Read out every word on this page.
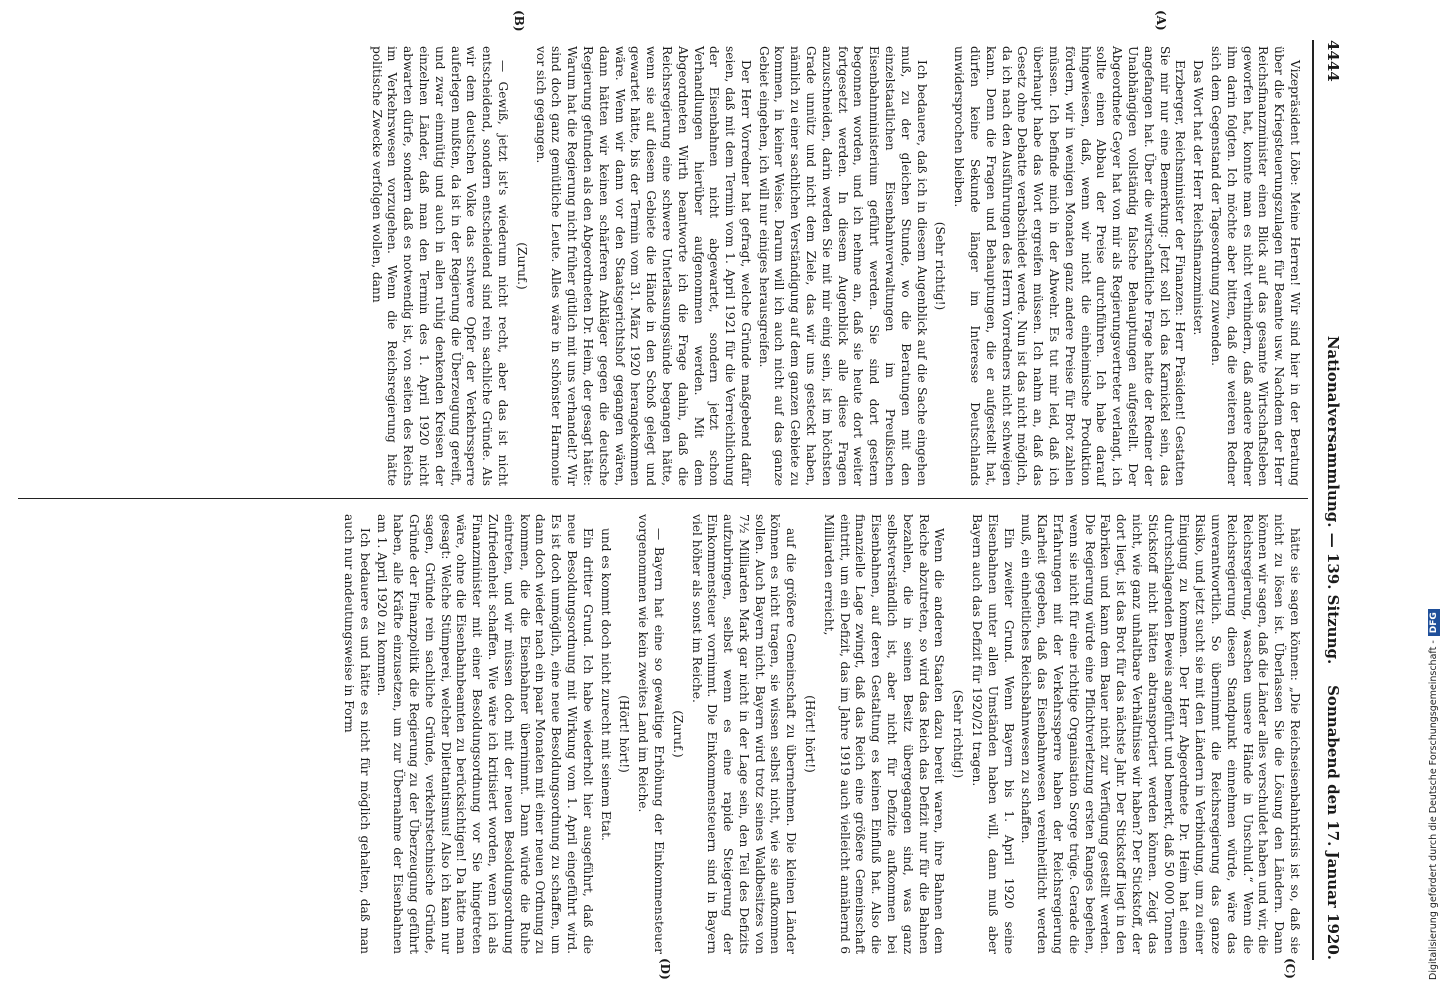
4444
Nationalversammlung. — 139. Sitzung.
Sonnabend den 17. Januar 1920.
(A)
(B)
(C)
(D)

Vizepräsident Löbe: Meine Herren! Wir sind hier in der Beratung über die Kriegsteuerungszulagen für Beamte usw. Nachdem der Herr Reichsfinanzminister einen Blick auf das gesamte Wirtschaftsleben geworfen hat, konnte man es nicht verhindern, daß andere Redner ihm darin folgten. Ich möchte aber bitten, daß die weiteren Redner sich dem Gegenstand der Tagesordnung zuwenden.

Das Wort hat der Herr Reichsfinanzminister.

Erzberger, Reichsminister der Finanzen: Herr Präsident! Gestatten Sie mir nur eine Bemerkung: Jetzt soll ich das Karnickel sein, das angefangen hat. Über die wirtschaftliche Frage hatte der Redner der Unabhängigen vollständig falsche Behauptungen aufgestellt. Der Abgeordnete Geyer hat von mir als Regierungsvertreter verlangt, ich sollte einen Abbau der Preise durchführen. Ich habe darauf hingewiesen, daß, wenn wir nicht die einheimische Produktion fördern, wir in wenigen Monaten ganz andere Preise für Brot zahlen müssen. Ich befinde mich in der Abwehr. Es tut mir leid, daß ich überhaupt habe das Wort ergreifen müssen. Ich nahm an, daß das Gesetz ohne Debatte verabschiedet werde. Nun ist das nicht möglich, da ich nach den Ausführungen des Herrn Vorredners nicht schweigen kann. Denn die Fragen und Behauptungen, die er aufgestellt hat, dürfen keine Sekunde länger im Interesse Deutschlands unwidersprochen bleiben.

(Sehr richtig!)

Ich bedauere, daß ich in diesem Augenblick auf die Sache eingehen muß, zu der gleichen Stunde, wo die Beratungen mit den einzelstaatlichen Eisenbahnverwaltungen im Preußischen Eisenbahnministerium geführt werden. Sie sind dort gestern begonnen worden, und ich nehme an, daß sie heute dort weiter fortgesetzt werden. In diesem Augenblick alle diese Fragen anzuschneiden, darin werden Sie mit mir einig sein, ist im höchsten Grade unnütz und nicht dem Ziele, das wir uns gesteckt haben, nämlich zu einer sachlichen Verständigung auf dem ganzen Gebiete zu kommen, in keiner Weise. Darum will ich auch nicht auf das ganze Gebiet eingehen, ich will nur einiges herausgreifen.

Der Herr Vorredner hat gefragt, welche Gründe maßgebend dafür seien, daß mit dem Termin vom 1. April 1921 für die Verreichlichung der Eisenbahnen nicht abgewartet, sondern jetzt schon Verhandlungen hierüber aufgenommen werden. Mit dem Abgeordneten Wirth beantworte ich die Frage dahin, daß die Reichsregierung eine schwere Unterlassungssünde begangen hätte, wenn sie auf diesem Gebiete die Hände in den Schoß gelegt und gewartet hätte, bis der Termin vom 31. März 1920 herangekommen wäre. Wenn wir dann vor den Staatsgerichtshof gegangen wären, dann hätten wir keinen schärferen Ankläger gegen die deutsche Regierung gefunden als den Abgeordneten Dr. Heim, der gesagt hätte: Warum hat die Regierung nicht früher gütlich mit uns verhandelt? Wir sind doch ganz gemütliche Leute. Alles wäre in schönster Harmonie vor sich gegangen.

(Zuruf.)

— Gewiß, jetzt ist's wiederum nicht recht, aber das ist nicht entscheidend, sondern entscheidend sind rein sachliche Gründe. Als wir dem deutschen Volke das schwere Opfer der Verkehrssperre auferlegen mußten, da ist in der Regierung die Überzeugung gereift, und zwar einmütig und auch in allen ruhig denkenden Kreisen der einzelnen Länder, daß man den Termin des 1. April 1920 nicht abwarten dürfe, sondern daß es notwendig ist, von seiten des Reichs im Verkehrswesen vorzugehen. Wenn die Reichsregierung hätte politische Zwecke verfolgen wollen, dann

hätte sie sagen können: „Die Reichseisenbahnkrisis ist so, daß sie nicht zu lösen ist. Überlassen Sie die Lösung den Ländern. Dann können wir sagen, daß die Länder alles verschuldet haben und wir, die Reichsregierung, waschen unsere Hände in Unschuld.“ Wenn die Reichsregierung diesen Standpunkt einnehmen würde, wäre das unverantwortlich. So übernimmt die Reichsregierung das ganze Risiko, und jetzt sucht sie mit den Ländern in Verbindung, um zu einer Einigung zu kommen. Der Herr Abgeordnete Dr. Heim hat einen durchschlagenden Beweis angeführt und bemerkt, daß 50 000 Tonnen Stickstoff nicht hätten abtransportiert werden können. Zeigt das nicht, wie ganz unhaltbare Verhältnisse wir haben? Der Stickstoff, der dort liegt, ist das Brot für das nächste Jahr. Der Stickstoff liegt in den Fabriken und kann dem Bauer nicht zur Verfügung gestellt werden. Die Regierung würde eine Pflichtverletzung ersten Ranges begehen, wenn sie nicht für eine richtige Organisation Sorge trüge. Gerade die Erfahrungen mit der Verkehrssperre haben der Reichsregierung Klarheit gegeben, daß das Eisenbahnwesen vereinheitlicht werden muß, ein einheitliches Reichsbahnwesen zu schaffen.

Ein zweiter Grund. Wenn Bayern bis 1. April 1920 seine Eisenbahnen unter allen Umständen haben will, dann muß aber Bayern auch das Defizit für 1920/21 tragen.

(Sehr richtig!)

Wenn die anderen Staaten dazu bereit waren, ihre Bahnen dem Reiche abzutreten, so wird das Reich das Defizit nur für die Bahnen bezahlen, die in seinen Besitz übergegangen sind, was ganz selbstverständlich ist, aber nicht für Defizite aufkommen bei Eisenbahnen, auf deren Gestaltung es keinen Einfluß hat. Also die finanzielle Lage zwingt, daß das Reich eine größere Gemeinschaft eintritt, um ein Defizit, das im Jahre 1919 auch vielleicht annähernd 6 Milliarden erreicht,

(Hört! hört!)

auf die größere Gemeinschaft zu übernehmen. Die kleinen Länder können es nicht tragen, sie wissen selbst nicht, wie sie aufkommen sollen. Auch Bayern nicht. Bayern wird trotz seines Waldbesitzes von 7½ Milliarden Mark gar nicht in der Lage sein, den Teil des Defizits aufzubringen, selbst wenn es eine rapide Steigerung der Einkommensteuer vornimmt. Die Einkommensteuern sind in Bayern viel höher als sonst im Reiche.

(Zuruf.)

— Bayern hat eine so gewaltige Erhöhung der Einkommensteuer vorgenommen wie kein zweites Land im Reiche.

(Hört! hört!)

und es kommt doch nicht zurecht mit seinem Etat.

Ein dritter Grund. Ich habe wiederholt hier ausgeführt, daß die neue Besoldungsordnung mit Wirkung vom 1. April eingeführt wird. Es ist doch unmöglich, eine neue Besoldungsordnung zu schaffen, um dann doch wieder nach ein paar Monaten mit einer neuen Ordnung zu kommen, die die Eisenbahner übernimmt. Dann würde die Ruhe eintreten, und wir müssen doch mit der neuen Besoldungsordnung Zufriedenheit schaffen. Wie wäre ich kritisiert worden, wenn ich als Finanzminister mit einer Besoldungsordnung vor Sie hingetreten wäre, ohne die Eisenbahnbeamten zu berücksichtigen! Da hätte man gesagt: Welche Stümperei, welcher Dilettantismus! Also ich kann nur sagen, Gründe rein sachliche Gründe, verkehrstechnische Gründe, Gründe der Finanzpolitik die Regierung zu der Überzeugung geführt haben, alle Kräfte einzusetzen, um zur Übernahme der Eisenbahnen am 1. April 1920 zu kommen.

Ich bedauere es und hätte es nicht für möglich gehalten, daß man auch nur andeutungsweise in Form

Digitalisierung gefördert durch die Deutsche Forschungsgemeinschaft -DFG
